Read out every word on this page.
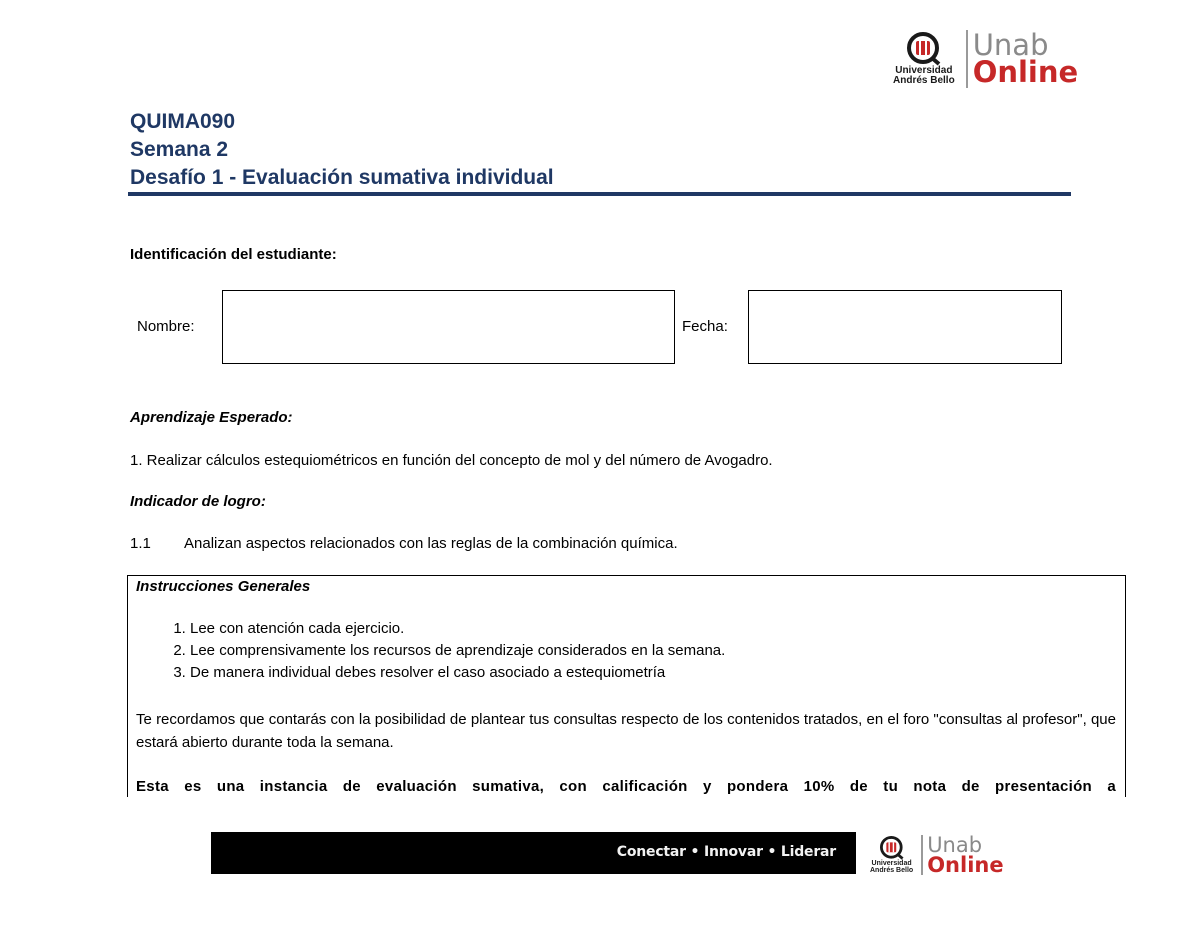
Universidad
Andrés Bello
Unab
Online
QUIMA090
Semana 2
Desafío 1 - Evaluación sumativa individual
Identificación del estudiante:
Nombre:	Fecha:
Aprendizaje Esperado:
1. Realizar cálculos estequiométricos en función del concepto de mol y del número de Avogadro.
Indicador de logro:
1.1 Analizan aspectos relacionados con las reglas de la combinación química.
Instrucciones Generales
1. Lee con atención cada ejercicio.
2. Lee comprensivamente los recursos de aprendizaje considerados en la semana.
3. De manera individual debes resolver el caso asociado a estequiometría
Te recordamos que contarás con la posibilidad de plantear tus consultas respecto de los contenidos tratados, en el foro "consultas al profesor", que estará abierto durante toda la semana.
Esta es una instancia de evaluación sumativa, con calificación y pondera 10% de tu nota de presentación a
Conectar • Innovar • Liderar
Universidad
Andrés Bello
Unab
Online
